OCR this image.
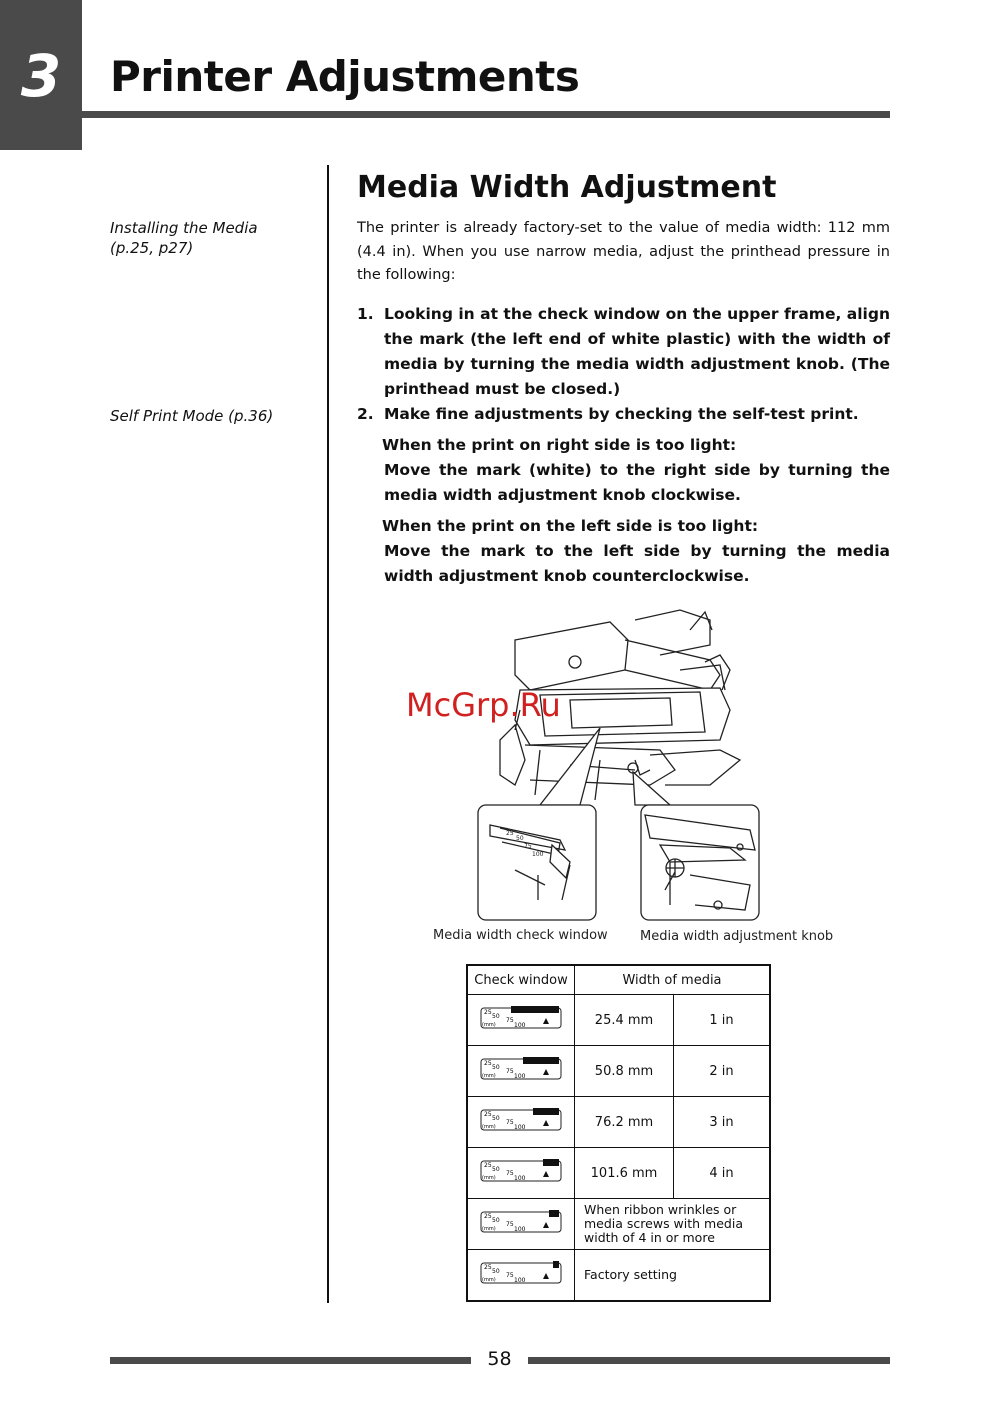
3	Printer Adjustments
Installing the Media
(p.25, p27)
Self Print Mode (p.36)
Media Width Adjustment
The printer is already factory-set to the value of media width: 112 mm (4.4 in). When you use narrow media, adjust the printhead pressure in the following:
1. Looking in at the check window on the upper frame, align the mark (the left end of white plastic) with the width of media by turning the media width adjustment knob. (The printhead must be closed.)
2. Make fine adjustments by checking the self-test print.
When the print on right side is too light:
Move the mark (white) to the right side by turning the media width adjustment knob clockwise.
When the print on the left side is too light:
Move the mark to the left side by turning the media width adjustment knob counterclockwise.
25
50
75
100
Media width check window Media width adjustment knob
McGrp.Ru
Check window	Width of media	

25
50
75
100
(mm)	25.4 mm	1 in

25
50
75
100
(mm)	50.8 mm	2 in

25
50
75
100
(mm)	76.2 mm	3 in

25
50
75
100
(mm)	101.6 mm	4 in

25
50
75
100
(mm)	When ribbon wrinkles or media screws with media width of 4 in or more	

25
50
75
100
(mm)	Factory setting	
58
